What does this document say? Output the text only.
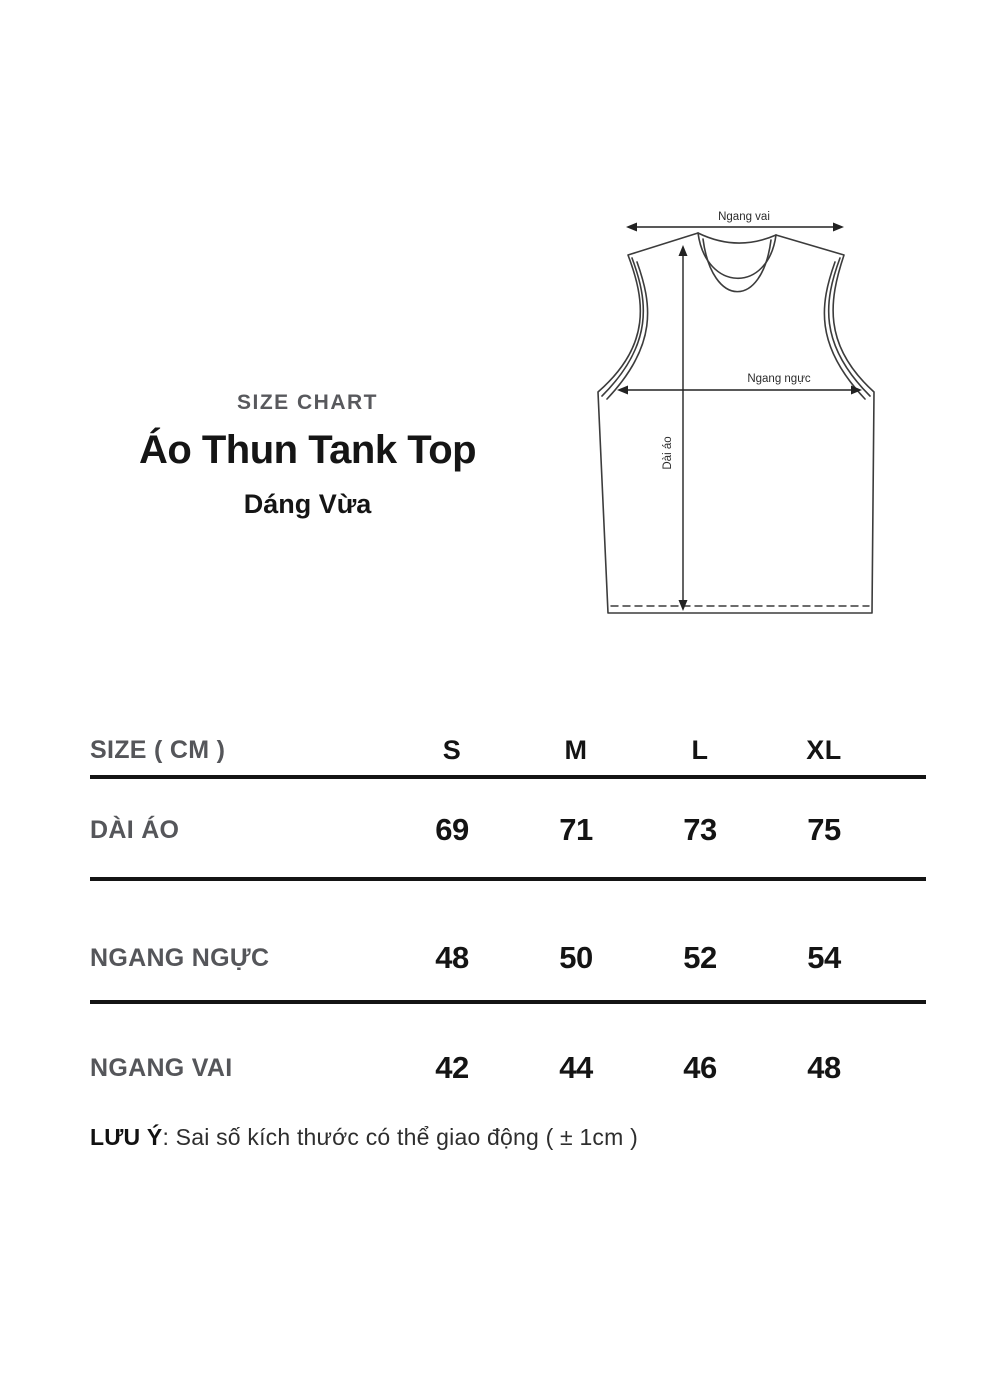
SIZE CHART
Áo Thun Tank Top
Dáng Vừa
Ngang vai
Ngang ngực
Dài áo
SIZE ( CM )	S	M	L	XL
DÀI ÁO	69	71	73	75
NGANG NGỰC	48	50	52	54
NGANG VAI	42	44	46	48
LƯU Ý: Sai số kích thước có thể giao động ( ± 1cm )
